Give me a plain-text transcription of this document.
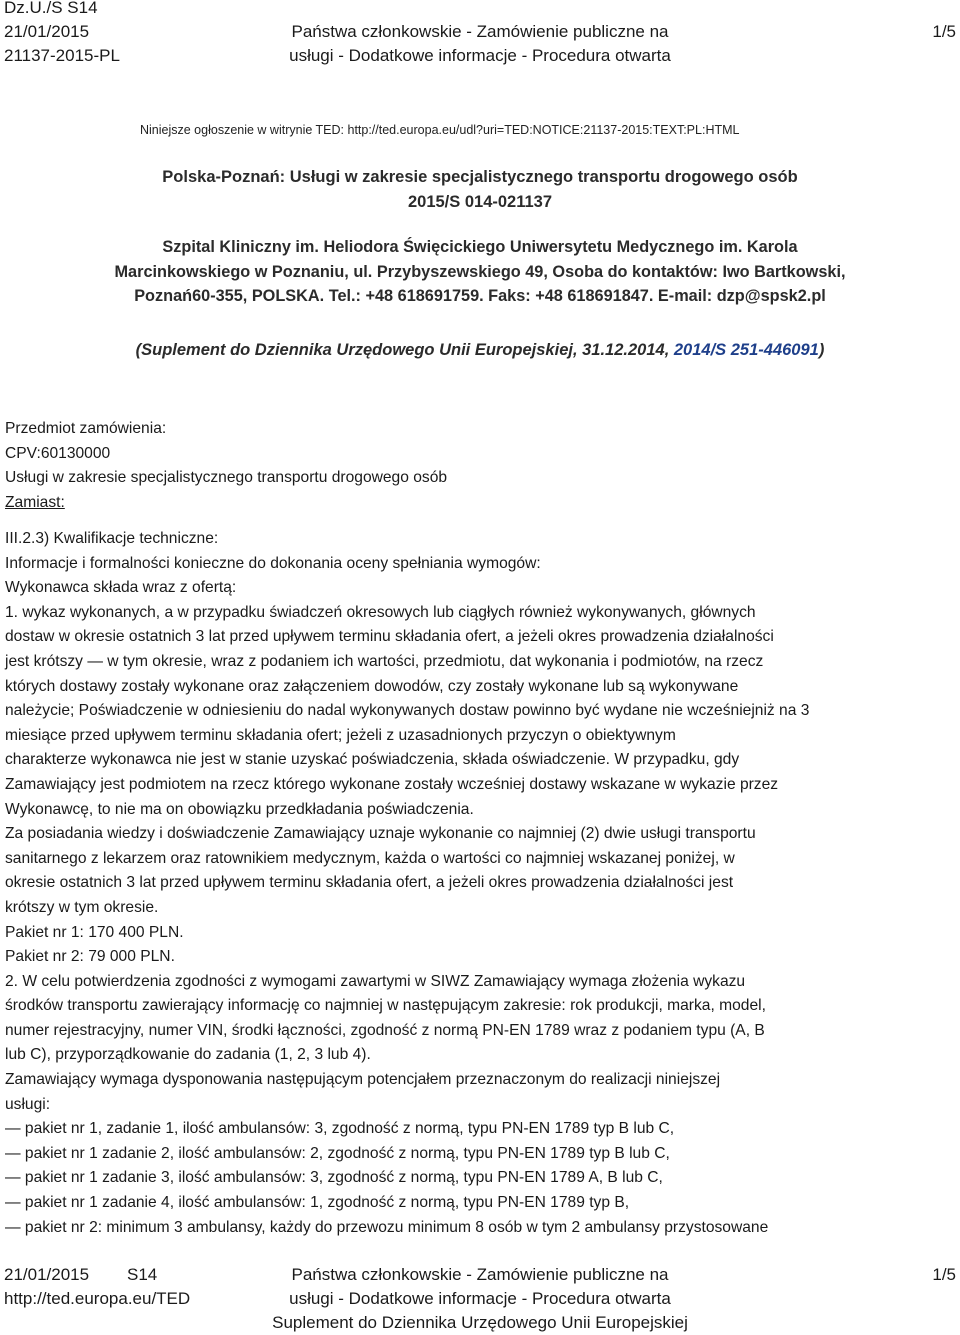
Dz.U./S S14
21/01/2015
21137-2015-PL
Państwa członkowskie - Zamówienie publiczne na
usługi - Dodatkowe informacje - Procedura otwarta
1/5
Niniejsze ogłoszenie w witrynie TED: http://ted.europa.eu/udl?uri=TED:NOTICE:21137-2015:TEXT:PL:HTML
Polska-Poznań: Usługi w zakresie specjalistycznego transportu drogowego osób
2015/S 014-021137
Szpital Kliniczny im. Heliodora Święcickiego Uniwersytetu Medycznego im. Karola
Marcinkowskiego w Poznaniu, ul. Przybyszewskiego 49, Osoba do kontaktów: Iwo Bartkowski,
Poznań60-355, POLSKA. Tel.: +48 618691759. Faks: +48 618691847. E-mail: dzp@spsk2.pl
(Suplement do Dziennika Urzędowego Unii Europejskiej, 31.12.2014, 2014/S 251-446091)

Przedmiot zamówienia:

CPV:60130000

Usługi w zakresie specjalistycznego transportu drogowego osób

Zamiast:

III.2.3) Kwalifikacje techniczne:

Informacje i formalności konieczne do dokonania oceny spełniania wymogów:

Wykonawca składa wraz z ofertą:

1. wykaz wykonanych, a w przypadku świadczeń okresowych lub ciągłych również wykonywanych, głównych

dostaw w okresie ostatnich 3 lat przed upływem terminu składania ofert, a jeżeli okres prowadzenia działalności

jest krótszy — w tym okresie, wraz z podaniem ich wartości, przedmiotu, dat wykonania i podmiotów, na rzecz

których dostawy zostały wykonane oraz załączeniem dowodów, czy zostały wykonane lub są wykonywane

należycie; Poświadczenie w odniesieniu do nadal wykonywanych dostaw powinno być wydane nie wcześniejniż na 3

miesiące przed upływem terminu składania ofert; jeżeli z uzasadnionych przyczyn o obiektywnym

charakterze wykonawca nie jest w stanie uzyskać poświadczenia, składa oświadczenie. W przypadku, gdy

Zamawiający jest podmiotem na rzecz którego wykonane zostały wcześniej dostawy wskazane w wykazie przez

Wykonawcę, to nie ma on obowiązku przedkładania poświadczenia.

Za posiadania wiedzy i doświadczenie Zamawiający uznaje wykonanie co najmniej (2) dwie usługi transportu

sanitarnego z lekarzem oraz ratownikiem medycznym, każda o wartości co najmniej wskazanej poniżej, w

okresie ostatnich 3 lat przed upływem terminu składania ofert, a jeżeli okres prowadzenia działalności jest

krótszy w tym okresie.

Pakiet nr 1: 170 400 PLN.

Pakiet nr 2: 79 000 PLN.

2. W celu potwierdzenia zgodności z wymogami zawartymi w SIWZ Zamawiający wymaga złożenia wykazu

środków transportu zawierający informację co najmniej w następującym zakresie: rok produkcji, marka, model,

numer rejestracyjny, numer VIN, środki łączności, zgodność z normą PN-EN 1789 wraz z podaniem typu (A, B

lub C), przyporządkowanie do zadania (1, 2, 3 lub 4).

Zamawiający wymaga dysponowania następującym potencjałem przeznaczonym do realizacji niniejszej

usługi:

— pakiet nr 1, zadanie 1, ilość ambulansów: 3, zgodność z normą, typu PN-EN 1789 typ B lub C,

— pakiet nr 1 zadanie 2, ilość ambulansów: 2, zgodność z normą, typu PN-EN 1789 typ B lub C,

— pakiet nr 1 zadanie 3, ilość ambulansów: 3, zgodność z normą, typu PN-EN 1789 A, B lub C,

— pakiet nr 1 zadanie 4, ilość ambulansów: 1, zgodność z normą, typu PN-EN 1789 typ B,

— pakiet nr 2: minimum 3 ambulansy, każdy do przewozu minimum 8 osób w tym 2 ambulansy przystosowane

21/01/2015 S14
http://ted.europa.eu/TED
Państwa członkowskie - Zamówienie publiczne na
usługi - Dodatkowe informacje - Procedura otwarta
Suplement do Dziennika Urzędowego Unii Europejskiej
1/5
